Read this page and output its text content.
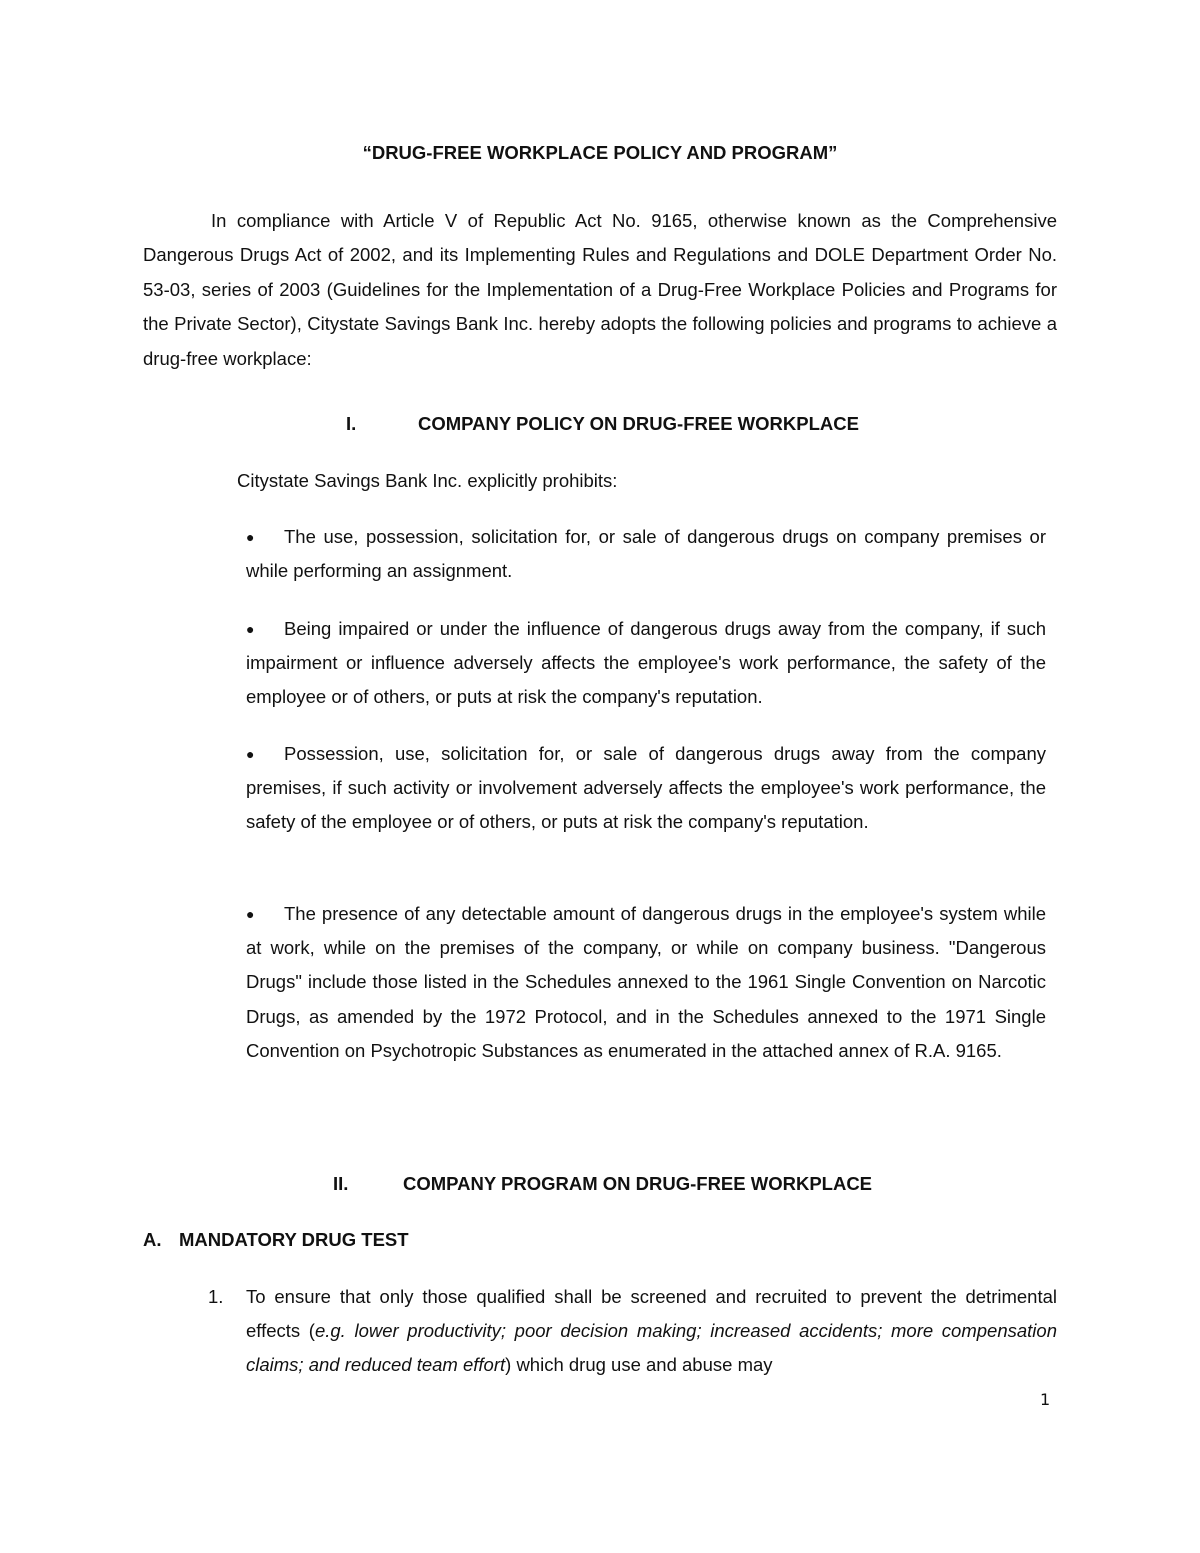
“DRUG-FREE WORKPLACE POLICY AND PROGRAM”

In compliance with Article V of Republic Act No. 9165, otherwise known as the Comprehensive Dangerous Drugs Act of 2002, and its Implementing Rules and Regulations and DOLE Department Order No. 53-03, series of 2003 (Guidelines for the Implementation of a Drug-Free Workplace Policies and Programs for the Private Sector), Citystate Savings Bank Inc. hereby adopts the following policies and programs to achieve a drug-free workplace:

I.	COMPANY POLICY ON DRUG-FREE WORKPLACE
Citystate Savings Bank Inc. explicitly prohibits:

● The use, possession, solicitation for, or sale of dangerous drugs on company premises or while performing an assignment.

● Being impaired or under the influence of dangerous drugs away from the company, if such impairment or influence adversely affects the employee's work performance, the safety of the employee or of others, or puts at risk the company's reputation.

● Possession, use, solicitation for, or sale of dangerous drugs away from the company premises, if such activity or involvement adversely affects the employee's work performance, the safety of the employee or of others, or puts at risk the company's reputation.

● The presence of any detectable amount of dangerous drugs in the employee's system while at work, while on the premises of the company, or while on company business. "Dangerous Drugs" include those listed in the Schedules annexed to the 1961 Single Convention on Narcotic Drugs, as amended by the 1972 Protocol, and in the Schedules annexed to the 1971 Single Convention on Psychotropic Substances as enumerated in the attached annex of R.A. 9165.

II.	COMPANY PROGRAM ON DRUG-FREE WORKPLACE
A. MANDATORY DRUG TEST

1. To ensure that only those qualified shall be screened and recruited to prevent the detrimental effects (e.g. lower productivity; poor decision making; increased accidents; more compensation claims; and reduced team effort) which drug use and abuse may

1
